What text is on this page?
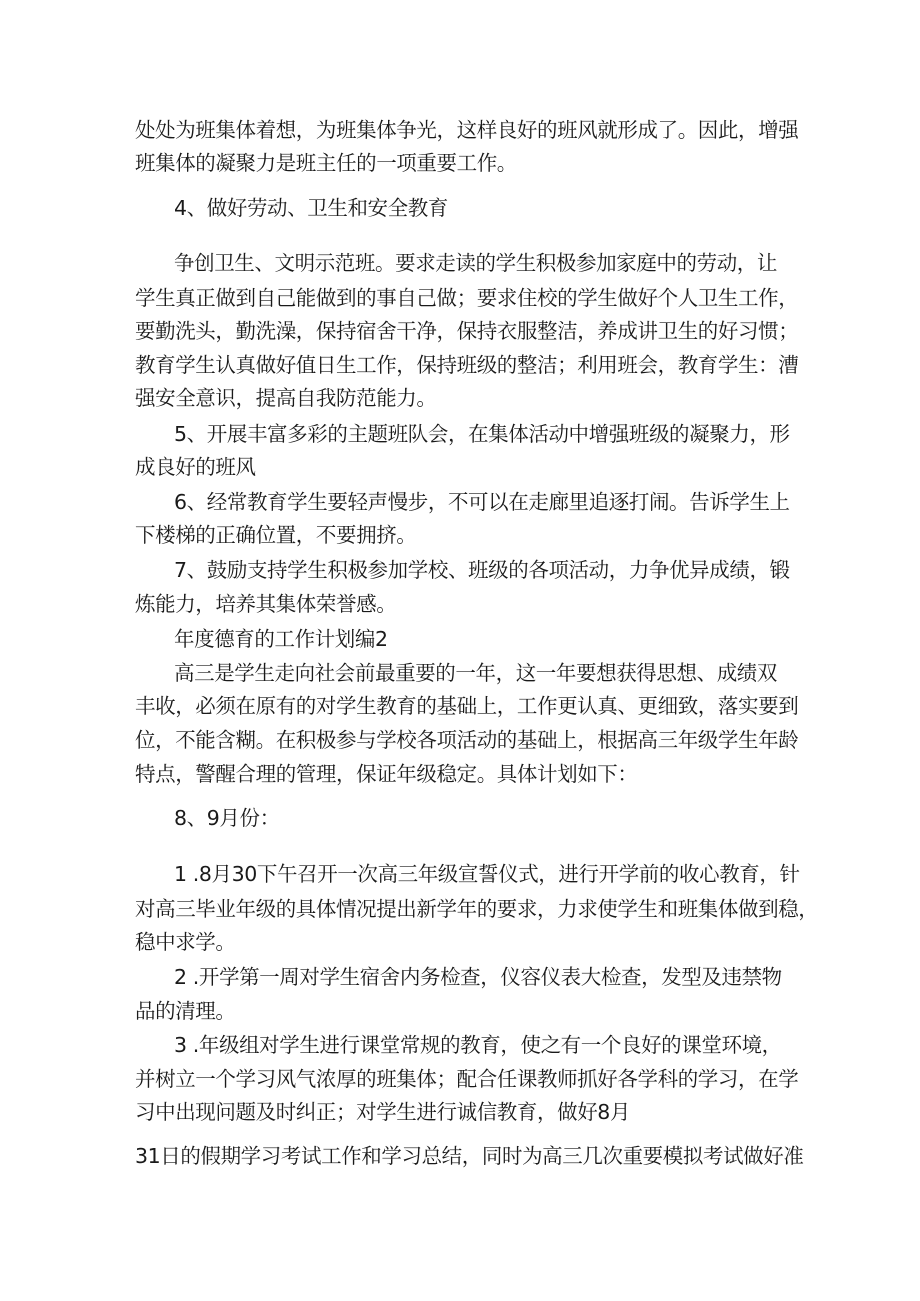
处处为班集体着想，为班集体争光，这样良好的班风就形成了。因此，增强

班集体的凝聚力是班主任的一项重要工作。

4、做好劳动、卫生和安全教育

争创卫生、文明示范班。要求走读的学生积极参加家庭中的劳动，让

学生真正做到自己能做到的事自己做；要求住校的学生做好个人卫生工作，

要勤洗头，勤洗澡，保持宿舍干净，保持衣服整洁，养成讲卫生的好习惯；

教育学生认真做好值日生工作，保持班级的整洁；利用班会，教育学生：漕

强安全意识，提高自我防范能力。

5、开展丰富多彩的主题班队会，在集体活动中增强班级的凝聚力，形

成良好的班风

6、经常教育学生要轻声慢步，不可以在走廊里追逐打闹。告诉学生上

下楼梯的正确位置，不要拥挤。

7、鼓励支持学生积极参加学校、班级的各项活动，力争优异成绩，锻

炼能力，培养其集体荣誉感。

年度德育的工作计划编2

高三是学生走向社会前最重要的一年，这一年要想获得思想、成绩双

丰收，必须在原有的对学生教育的基础上，工作更认真、更细致，落实要到

位，不能含糊。在积极参与学校各项活动的基础上，根据高三年级学生年龄

特点，警醒合理的管理，保证年级稳定。具体计划如下：

8、9月份：

1 .8月30下午召开一次高三年级宣誓仪式，进行开学前的收心教育，针

对高三毕业年级的具体情况提出新学年的要求，力求使学生和班集体做到稳，

稳中求学。

2 .开学第一周对学生宿舍内务检查，仪容仪表大检查，发型及违禁物

品的清理。

3 .年级组对学生进行课堂常规的教育，使之有一个良好的课堂环境，

并树立一个学习风气浓厚的班集体；配合任课教师抓好各学科的学习，在学

习中出现问题及时纠正；对学生进行诚信教育，做好8月

31日的假期学习考试工作和学习总结，同时为高三几次重要模拟考试做好准
